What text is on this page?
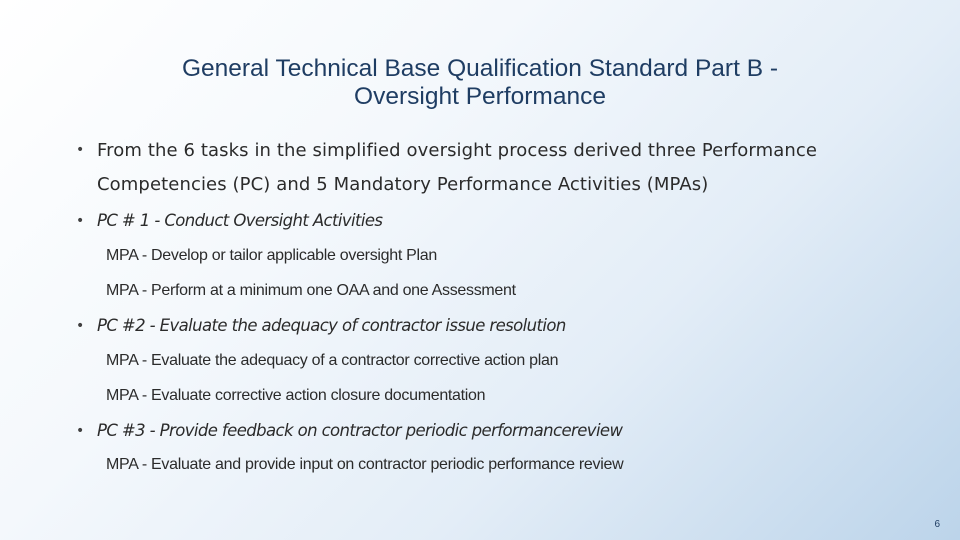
General Technical Base Qualification Standard Part B -
Oversight Performance
• From the 6 tasks in the simplified oversight process derived three Performance
Competencies (PC) and 5 Mandatory Performance Activities (MPAs)
• PC # 1 - Conduct Oversight Activities
MPA - Develop or tailor applicable oversight Plan
MPA - Perform at a minimum one OAA and one Assessment
• PC #2 - Evaluate the adequacy of contractor issue resolution
MPA - Evaluate the adequacy of a contractor corrective action plan
MPA - Evaluate corrective action closure documentation
• PC #3 - Provide feedback on contractor periodic performancereview
MPA - Evaluate and provide input on contractor periodic performance review
6
